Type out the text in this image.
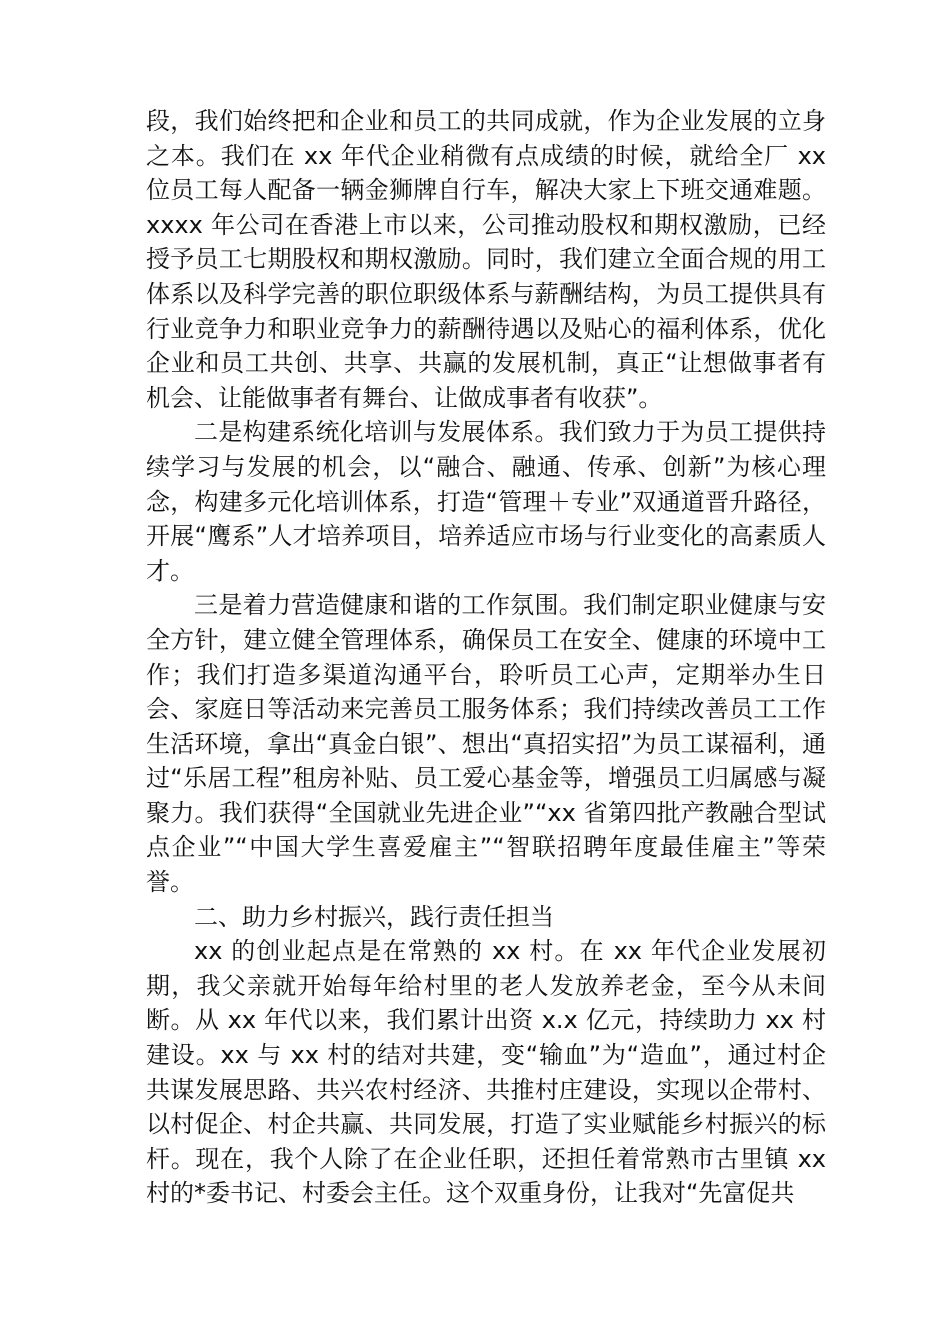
段，我们始终把和企业和员工的共同成就，作为企业发展的立身之本。我们在 xx 年代企业稍微有点成绩的时候，就给全厂 xx 位员工每人配备一辆金狮牌自行车，解决大家上下班交通难题。xxxx 年公司在香港上市以来，公司推动股权和期权激励，已经授予员工七期股权和期权激励。同时，我们建立全面合规的用工体系以及科学完善的职位职级体系与薪酬结构，为员工提供具有行业竞争力和职业竞争力的薪酬待遇以及贴心的福利体系，优化企业和员工共创、共享、共赢的发展机制，真正“让想做事者有机会、让能做事者有舞台、让做成事者有收获”。

二是构建系统化培训与发展体系。我们致力于为员工提供持续学习与发展的机会，以“融合、融通、传承、创新”为核心理念，构建多元化培训体系，打造“管理＋专业”双通道晋升路径，开展“鹰系”人才培养项目，培养适应市场与行业变化的高素质人才。

三是着力营造健康和谐的工作氛围。我们制定职业健康与安全方针，建立健全管理体系，确保员工在安全、健康的环境中工作；我们打造多渠道沟通平台，聆听员工心声，定期举办生日会、家庭日等活动来完善员工服务体系；我们持续改善员工工作生活环境，拿出“真金白银”、想出“真招实招”为员工谋福利，通过“乐居工程”租房补贴、员工爱心基金等，增强员工归属感与凝聚力。我们获得“全国就业先进企业”“xx 省第四批产教融合型试点企业”“中国大学生喜爱雇主”“智联招聘年度最佳雇主”等荣誉。

二、助力乡村振兴，践行责任担当

xx 的创业起点是在常熟的 xx 村。在 xx 年代企业发展初期，我父亲就开始每年给村里的老人发放养老金，至今从未间断。从 xx 年代以来，我们累计出资 x.x 亿元，持续助力 xx 村建设。xx 与 xx 村的结对共建，变“输血”为“造血”，通过村企共谋发展思路、共兴农村经济、共推村庄建设，实现以企带村、以村促企、村企共赢、共同发展，打造了实业赋能乡村振兴的标杆。现在，我个人除了在企业任职，还担任着常熟市古里镇 xx 村的*委书记、村委会主任。这个双重身份，让我对“先富促共
